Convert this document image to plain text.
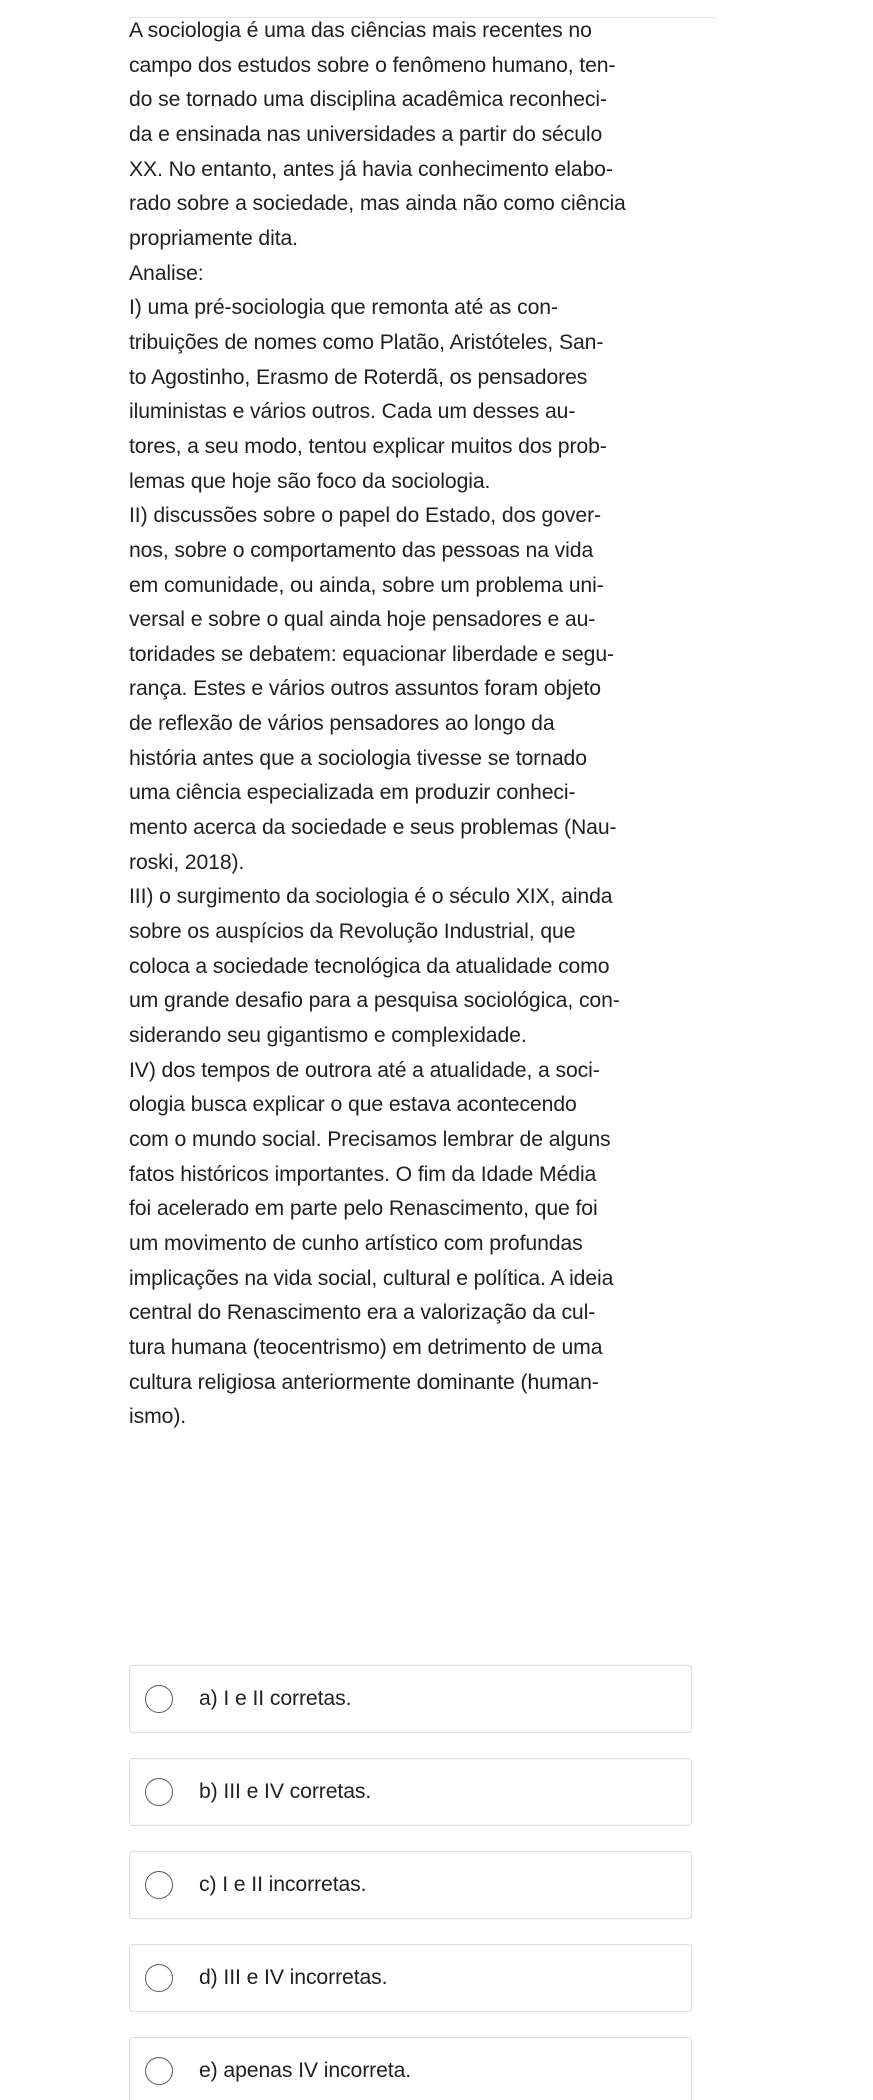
A sociologia é uma das ciências mais recentes no
campo dos estudos sobre o fenômeno humano, ten-
do se tornado uma disciplina acadêmica reconheci-
da e ensinada nas universidades a partir do século
XX. No entanto, antes já havia conhecimento elabo-
rado sobre a sociedade, mas ainda não como ciência
propriamente dita.

Analise:

I) uma pré-sociologia que remonta até as con-
tribuições de nomes como Platão, Aristóteles, San-
to Agostinho, Erasmo de Roterdã, os pensadores
iluministas e vários outros. Cada um desses au-
tores, a seu modo, tentou explicar muitos dos prob-
lemas que hoje são foco da sociologia.

II) discussões sobre o papel do Estado, dos gover-
nos, sobre o comportamento das pessoas na vida
em comunidade, ou ainda, sobre um problema uni-
versal e sobre o qual ainda hoje pensadores e au-
toridades se debatem: equacionar liberdade e segu-
rança. Estes e vários outros assuntos foram objeto
de reflexão de vários pensadores ao longo da
história antes que a sociologia tivesse se tornado
uma ciência especializada em produzir conheci-
mento acerca da sociedade e seus problemas (Nau-
roski, 2018).

III) o surgimento da sociologia é o século XIX, ainda
sobre os auspícios da Revolução Industrial, que
coloca a sociedade tecnológica da atualidade como
um grande desafio para a pesquisa sociológica, con-
siderando seu gigantismo e complexidade.

IV) dos tempos de outrora até a atualidade, a soci-
ologia busca explicar o que estava acontecendo
com o mundo social. Precisamos lembrar de alguns
fatos históricos importantes. O fim da Idade Média
foi acelerado em parte pelo Renascimento, que foi
um movimento de cunho artístico com profundas
implicações na vida social, cultural e política. A ideia
central do Renascimento era a valorização da cul-
tura humana (teocentrismo) em detrimento de uma
cultura religiosa anteriormente dominante (human-
ismo).

a) I e II corretas.
b) III e IV corretas.
c) I e II incorretas.
d) III e IV incorretas.
e) apenas IV incorreta.
